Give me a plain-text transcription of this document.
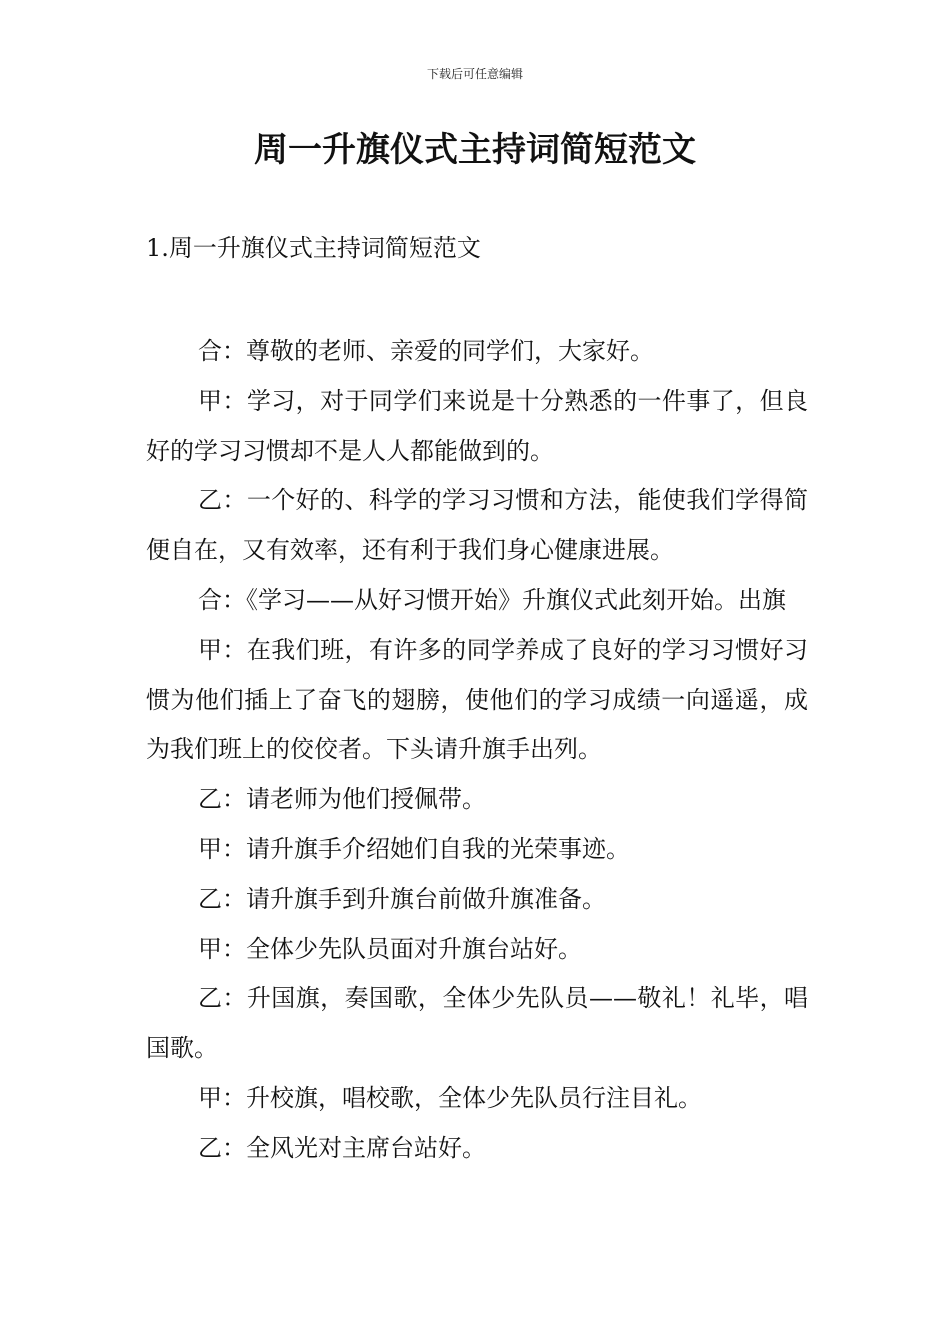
下载后可任意编辑
周一升旗仪式主持词简短范文
1.周一升旗仪式主持词简短范文

合：尊敬的老师、亲爱的同学们，大家好。

甲：学习，对于同学们来说是十分熟悉的一件事了，但良好的学习习惯却不是人人都能做到的。

乙：一个好的、科学的学习习惯和方法，能使我们学得简便自在，又有效率，还有利于我们身心健康进展。

合：《学习——从好习惯开始》升旗仪式此刻开始。出旗

甲：在我们班，有许多的同学养成了良好的学习习惯好习惯为他们插上了奋飞的翅膀，使他们的学习成绩一向遥遥，成为我们班上的佼佼者。下头请升旗手出列。

乙：请老师为他们授佩带。

甲：请升旗手介绍她们自我的光荣事迹。

乙：请升旗手到升旗台前做升旗准备。

甲：全体少先队员面对升旗台站好。

乙：升国旗，奏国歌，全体少先队员——敬礼！礼毕，唱国歌。

甲：升校旗，唱校歌，全体少先队员行注目礼。

乙：全风光对主席台站好。
